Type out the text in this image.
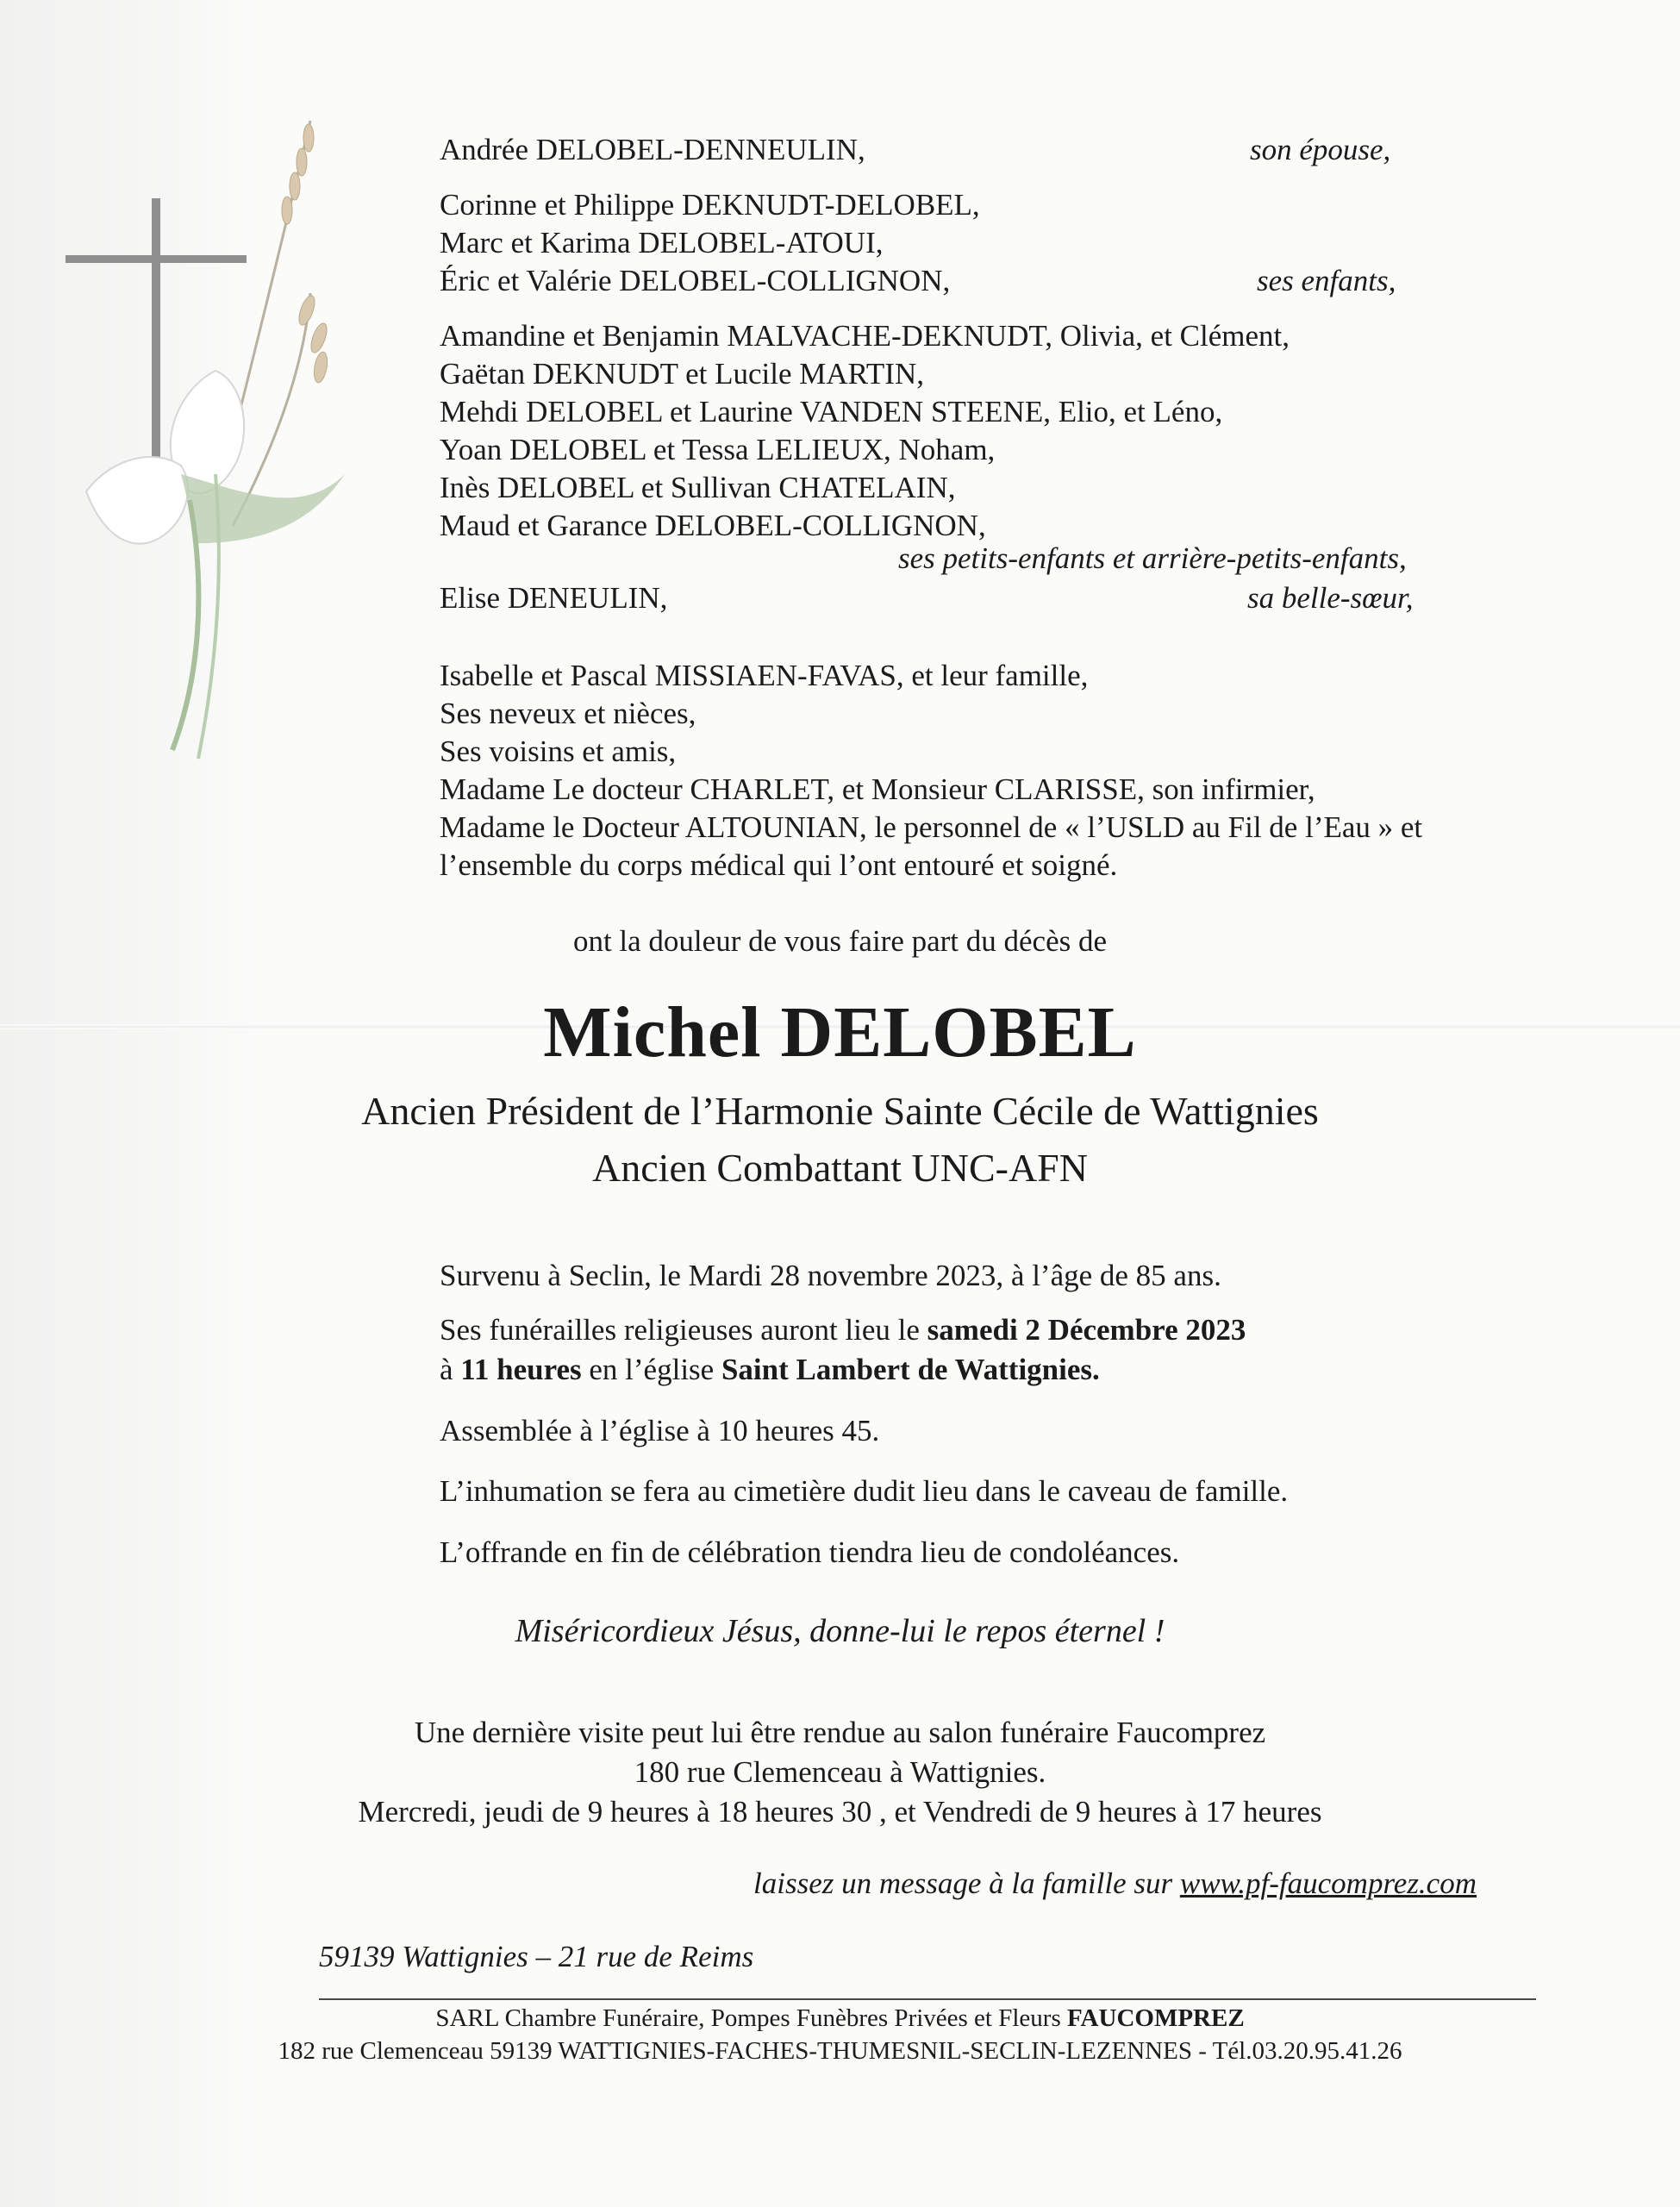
Andrée DELOBEL-DENNEULIN,	son épouse,
Corinne et Philippe DEKNUDT-DELOBEL,
Marc et Karima DELOBEL-ATOUI,
Éric et Valérie DELOBEL-COLLIGNON,	ses enfants,
Amandine et Benjamin MALVACHE-DEKNUDT, Olivia, et Clément,
Gaëtan DEKNUDT et Lucile MARTIN,
Mehdi DELOBEL et Laurine VANDEN STEENE, Elio, et Léno,
Yoan DELOBEL et Tessa LELIEUX, Noham,
Inès DELOBEL et Sullivan CHATELAIN,
Maud et Garance DELOBEL-COLLIGNON,
ses petits-enfants et arrière-petits-enfants,
Elise DENEULIN,	sa belle-sœur,
Isabelle et Pascal MISSIAEN-FAVAS, et leur famille,
Ses neveux et nièces,
Ses voisins et amis,
Madame Le docteur CHARLET, et Monsieur CLARISSE, son infirmier,
Madame le Docteur ALTOUNIAN, le personnel de « l’USLD au Fil de l’Eau » et
l’ensemble du corps médical qui l’ont entouré et soigné.
ont la douleur de vous faire part du décès de
Michel DELOBEL
Ancien Président de l’Harmonie Sainte Cécile de Wattignies
Ancien Combattant UNC-AFN
Survenu à Seclin, le Mardi 28 novembre 2023, à l’âge de 85 ans.
Ses funérailles religieuses auront lieu le samedi 2 Décembre 2023
à 11 heures en l’église Saint Lambert de Wattignies.
Assemblée à l’église à 10 heures 45.
L’inhumation se fera au cimetière dudit lieu dans le caveau de famille.
L’offrande en fin de célébration tiendra lieu de condoléances.
Miséricordieux Jésus, donne-lui le repos éternel !
Une dernière visite peut lui être rendue au salon funéraire Faucomprez
180 rue Clemenceau à Wattignies.
Mercredi, jeudi de 9 heures à 18 heures 30 , et Vendredi de 9 heures à 17 heures
laissez un message à la famille sur www.pf-faucomprez.com
59139 Wattignies – 21 rue de Reims
SARL Chambre Funéraire, Pompes Funèbres Privées et Fleurs FAUCOMPREZ
182 rue Clemenceau 59139 WATTIGNIES-FACHES-THUMESNIL-SECLIN-LEZENNES - Tél.03.20.95.41.26
